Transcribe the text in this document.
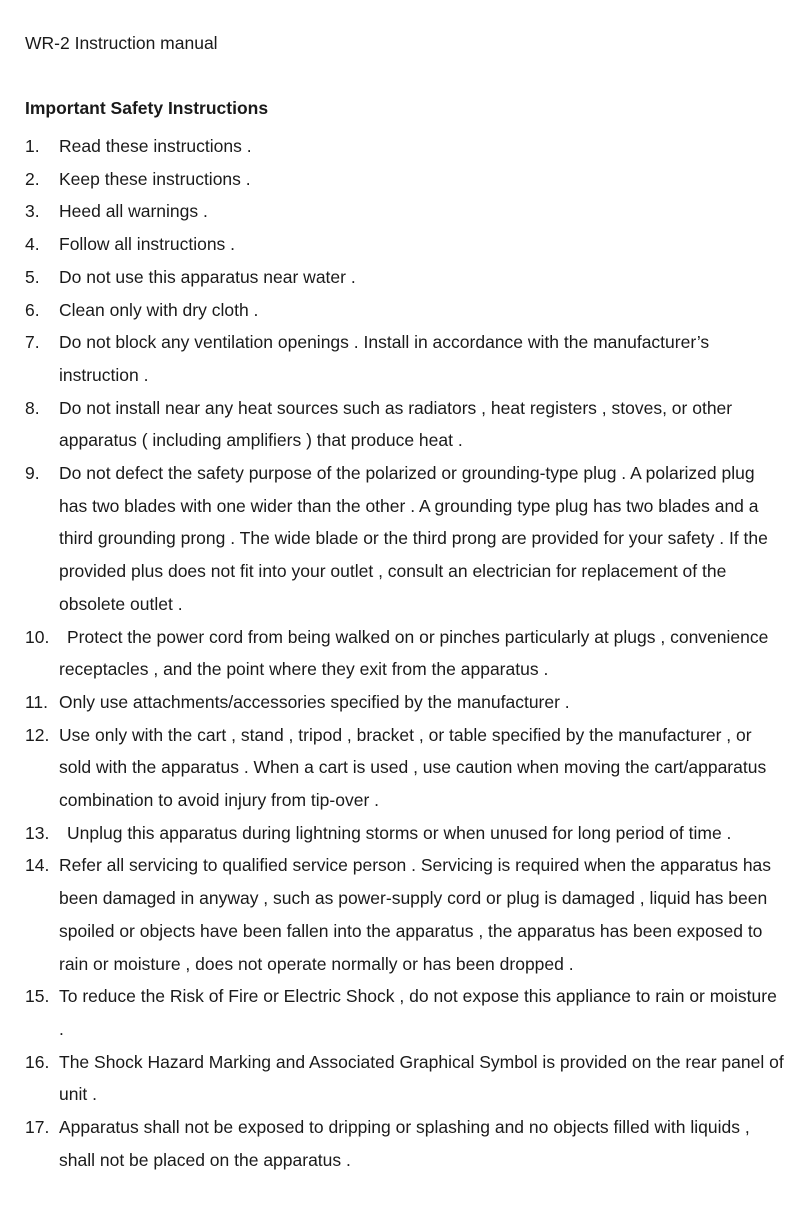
WR-2 Instruction manual
Important Safety Instructions
1. Read these instructions .
2. Keep these instructions .
3. Heed all warnings .
4. Follow all instructions .
5. Do not use this apparatus near water .
6. Clean only with dry cloth .
7. Do not block any ventilation openings . Install in accordance with the manufacturer’s instruction .
8. Do not install near any heat sources such as radiators , heat registers , stoves, or other apparatus ( including amplifiers ) that produce heat .
9. Do not defect the safety purpose of the polarized or grounding-type plug . A polarized plug has two blades with one wider than the other . A grounding type plug has two blades and a third grounding prong . The wide blade or the third prong are provided for your safety . If the provided plus does not fit into your outlet , consult an electrician for replacement of the obsolete outlet .
10. Protect the power cord from being walked on or pinches particularly at plugs , convenience receptacles , and the point where they exit from the apparatus .
11. Only use attachments/accessories specified by the manufacturer .
12. Use only with the cart , stand , tripod , bracket , or table specified by the manufacturer , or sold with the apparatus . When a cart is used , use caution when moving the cart/apparatus combination to avoid injury from tip-over .
13. Unplug this apparatus during lightning storms or when unused for long period of time .
14. Refer all servicing to qualified service person . Servicing is required when the apparatus has been damaged in anyway , such as power-supply cord or plug is damaged , liquid has been spoiled or objects have been fallen into the apparatus , the apparatus has been exposed to rain or moisture , does not operate normally or has been dropped .
15. To reduce the Risk of Fire or Electric Shock , do not expose this appliance to rain or moisture .
16. The Shock Hazard Marking and Associated Graphical Symbol is provided on the rear panel of unit .
17. Apparatus shall not be exposed to dripping or splashing and no objects filled with liquids , shall not be placed on the apparatus .
